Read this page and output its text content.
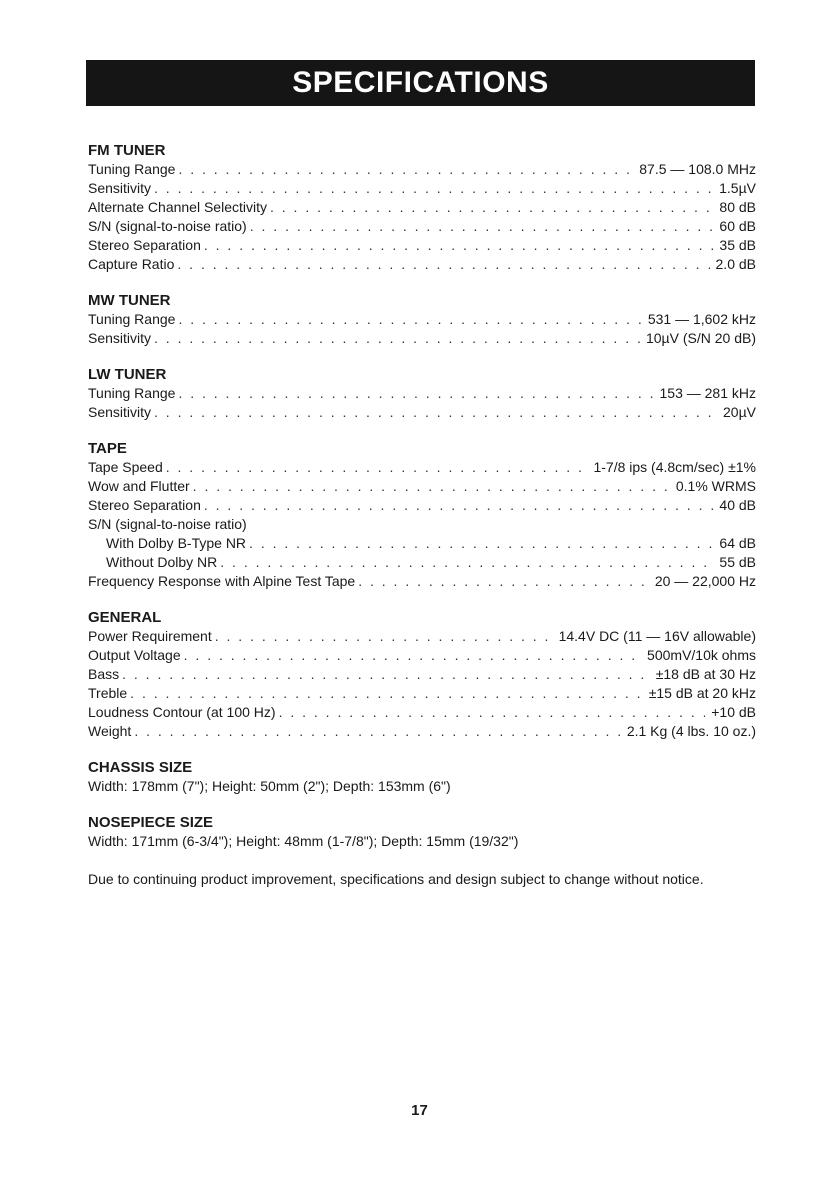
SPECIFICATIONS
FM TUNER
Tuning Range . . .	87.5 — 108.0 MHz
Sensitivity . . .	1.5µV
Alternate Channel Selectivity . . .	80 dB
S/N (signal-to-noise ratio) . . .	60 dB
Stereo Separation . . .	35 dB
Capture Ratio . . .	2.0 dB
MW TUNER
Tuning Range . . .	531 — 1,602 kHz
Sensitivity . . .	10µV (S/N 20 dB)
LW TUNER
Tuning Range . . .	153 — 281 kHz
Sensitivity . . .	20µV
TAPE
Tape Speed . . .	1-7/8 ips (4.8cm/sec) ±1%
Wow and Flutter . . .	0.1% WRMS
Stereo Separation . . .	40 dB
S/N (signal-to-noise ratio)
With Dolby B-Type NR . . .	64 dB
Without Dolby NR . . .	55 dB
Frequency Response with Alpine Test Tape . . .	20 — 22,000 Hz
GENERAL
Power Requirement . . .	14.4V DC (11 — 16V allowable)
Output Voltage . . .	500mV/10k ohms
Bass . . .	±18 dB at 30 Hz
Treble . . .	±15 dB at 20 kHz
Loudness Contour (at 100 Hz) . . .	+10 dB
Weight . . .	2.1 Kg (4 lbs. 10 oz.)
CHASSIS SIZE
Width: 178mm (7"); Height: 50mm (2"); Depth: 153mm (6")
NOSEPIECE SIZE
Width: 171mm (6-3/4"); Height: 48mm (1-7/8"); Depth: 15mm (19/32")
Due to continuing product improvement, specifications and design subject to change without notice.
17
